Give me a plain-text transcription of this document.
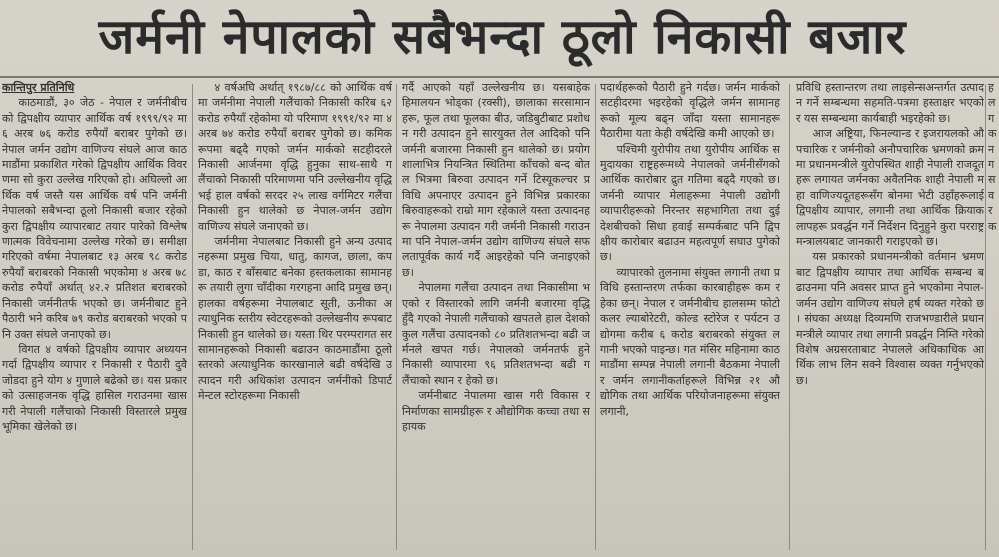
जर्मनी नेपालको सबैभन्दा ठूलो निकासी बजार
कान्तिपुर प्रतिनिधि

काठमाडौं, ३० जेठ - नेपाल र जर्मनीबीचको द्विपक्षीय व्यापार आर्थिक वर्ष १९९९/९२ मा ६ अरब ७६ करोड रुपैयाँ बराबर पुगेको छ। नेपाल जर्मन उद्योग वाणिज्य संघले आज काठमाडौंमा प्रकाशित गरेको द्विपक्षीय आर्थिक विवरणमा सो कुरा उल्लेख गरिएको हो। अघिल्लो आर्थिक वर्ष जस्तै यस आर्थिक वर्ष पनि जर्मनी नेपालको सबैभन्दा ठूलो निकासी बजार रहेको कुरा द्विपक्षीय व्यापारबाट तयार पारेको विश्लेषणात्मक विवेचनामा उल्लेख गरेको छ। समीक्षा गरिएको वर्षमा नेपालबाट १३ अरब ९८ करोड रुपैयाँ बराबरको निकासी भएकोमा ४ अरब ७८ करोड रुपैयाँ अर्थात् ४२.२ प्रतिशत बराबरको निकासी जर्मनीतर्फ भएको छ। जर्मनीबाट हुने पैठारी भने करिब ७९ करोड बराबरको भएको पनि उक्त संघले जनाएको छ।

विगत ४ वर्षको द्विपक्षीय व्यापार अध्ययन गर्दा द्विपक्षीय व्यापार र निकासी र पैठारी दुवै जोडदा हुने योग ४ गुणाले बढेको छ। यस प्रकारको उत्साहजनक वृद्धि हासिल गराउनमा खास गरी नेपाली गलैंचाको निकासी विस्तारले प्रमुख भूमिका खेलेको छ।

४ वर्षअघि अर्थात् १९८७/८८ को आर्थिक वर्षमा जर्मनीमा नेपाली गलैंचाको निकासी करिब ६२ करोड रुपैयाँ रहेकोमा यो परिमाण १९९१/९२ मा ४ अरब ७४ करोड रुपैयाँ बराबर पुगेको छ। कमिक रूपमा बढ्दै गएको जर्मन मार्कको सटहीदरले निकासी आर्जनमा वृद्धि हुनुका साथ-साथै गलैंचाको निकासी परिमाणमा पनि उल्लेखनीय वृद्धि भई हाल वर्षको सरदर २५ लाख वर्गमिटर गलैंचा निकासी हुन थालेको छ नेपाल-जर्मन उद्योग वाणिज्य संघले जनाएको छ।

जर्मनीमा नेपालबाट निकासी हुने अन्य उत्पादनहरूमा प्रमुख चिया, धातु, कागज, छाला, कपडा, काठ र बाँसबाट बनेका हस्तकलाका सामानहरू तयारी लुगा चाँदीका गरगहना आदि प्रमुख छन्। हालका वर्षहरूमा नेपालबाट सूती, ऊनीका अत्याधुनिक स्तरीय स्वेटरहरूको उल्लेखनीय रूपबाट निकासी हुन थालेको छ। यस्ता थिर परम्परागत सरसामानहरूको निकासी बढाउन काठमाडौंमा ठूलो स्तरको अत्याधुनिक कारखानाले बढी वर्षदेखि उत्पादन गरी अधिकांश उत्पादन जर्मनीको डिपार्टमेन्टल स्टोरहरूमा निकासी

गर्दै आएको यहाँ उल्लेखनीय छ। यसबाहेक हिमालयन भोड्का (रक्सी), छालाका सरसामानहरू, फूल तथा फूलका बीउ, जडिबुटीबाट प्रशोधन गरी उत्पादन हुने सारयुक्त तेल आदिको पनि जर्मनी बजारमा निकासी हुन थालेको छ। प्रयोगशालाभित्र नियन्त्रित स्थितिमा काँचको बन्द बोतल भित्रमा बिरुवा उत्पादन गर्ने टिस्यूकल्चर प्रविधि अपनाएर उत्पादन हुने विभिन्न प्रकारका बिरुवाहरूको राम्रो माग रहेकाले यस्ता उत्पादनहरू नेपालमा उत्पादन गरी जर्मनी निकासी गराउनमा पनि नेपाल-जर्मन उद्योग वाणिज्य संघले सफलतापूर्वक कार्य गर्दै आइरहेको पनि जनाइएको छ।

नेपालमा गलैंचा उत्पादन तथा निकासीमा भएको र विस्तारको लागि जर्मनी बजारमा वृद्धि हुँदै गएको नेपाली गलैंचाको खपतले हाल देशको कुल गलैंचा उत्पादनको ८० प्रतिशतभन्दा बढी जर्मनले खपत गर्छ। नेपालको जर्मनतर्फ हुने निकासी व्यापारमा ९६ प्रतिशतभन्दा बढी गलैंचाको स्थान र हेको छ।

जर्मनीबाट नेपालमा खास गरी विकास र निर्माणका सामग्रीहरू र औद्योगिक कच्चा तथा सहायक

पदार्थहरूको पैठारी हुने गर्दछ। जर्मन मार्कको सटहीदरमा भइरहेको वृद्धिले जर्मन सामानहरूको मूल्य बढ्न जाँदा यस्ता सामानहरू पैठारीमा यता केही वर्षदेखि कमी आएको छ।

पश्चिमी युरोपीय तथा युरोपीय आर्थिक समुदायका राष्ट्रहरूमध्ये नेपालको जर्मनीसँगको आर्थिक कारोबार द्रुत गतिमा बढ्दै गएको छ। जर्मनी व्यापार मेलाहरूमा नेपाली उद्योगी व्यापारीहरूको निरन्तर सहभागिता तथा दुई देशबीचको सिधा हवाई सम्पर्कबाट पनि द्विपक्षीय कारोबार बढाउन महत्वपूर्ण सघाउ पुगेको छ।

व्यापारको तुलनामा संयुक्त लगानी तथा प्रविधि हस्तान्तरण तर्फका कारबाहीहरू कम रहेका छन्। नेपाल र जर्मनीबीच हालसम्म फोटो कलर ल्याबोरेटरी, कोल्ड स्टोरेज र पर्यटन उद्योगमा करीब ६ करोड बराबरको संयुक्त लगानी भएको पाइन्छ। गत मंसिर महिनामा काठमाडौंमा सम्पन्न नेपाली लगानी बैठकमा नेपाली र जर्मन लगानीकर्ताहरूले विभिन्न २१ औद्योगिक तथा आर्थिक परियोजनाहरूमा संयुक्त लगानी,

प्रविधि हस्तान्तरण तथा लाइसेन्सअन्तर्गत उत्पादन गर्ने सम्बन्धमा सहमति-पत्रमा हस्ताक्षर भएको र यस सम्बन्धमा कार्यबाही भइरहेको छ।

आज अष्ट्रिया, फिनल्यान्ड र इजरायलको औपचारिक र जर्मनीको अनौपचारिक भ्रमणको क्रममा प्रधानमन्त्रीले युरोपस्थित शाही नेपाली राजदूतहरू लगायत जर्मनका अवैतनिक शाही नेपाली महा वाणिज्यदूतहरूसँग बोनमा भेटी उहाँहरूलाई द्विपक्षीय व्यापार, लगानी तथा आर्थिक क्रियाकलापहरू प्रवर्द्धन गर्ने निर्देशन दिनुहुने कुरा परराष्ट्र मन्त्रालयबाट जानकारी गराइएको छ।

यस प्रकारको प्रधानमन्त्रीको वर्तमान भ्रमणबाट द्विपक्षीय व्यापार तथा आर्थिक सम्बन्ध बढाउनमा पनि अवसर प्राप्त हुने भएकोमा नेपाल-जर्मन उद्योग वाणिज्य संघले हर्ष व्यक्त गरेको छ। संघका अध्यक्ष दिव्यमणि राजभण्डारीले प्रधानमन्त्रीले व्यापार तथा लगानी प्रवर्द्धन निम्ति गरेको विशेष अग्रसरताबाट नेपालले अधिकाधिक आर्थिक लाभ लिन सक्ने विश्वास व्यक्त गर्नुभएको छ।

ह ल ग क न ग स व र क
